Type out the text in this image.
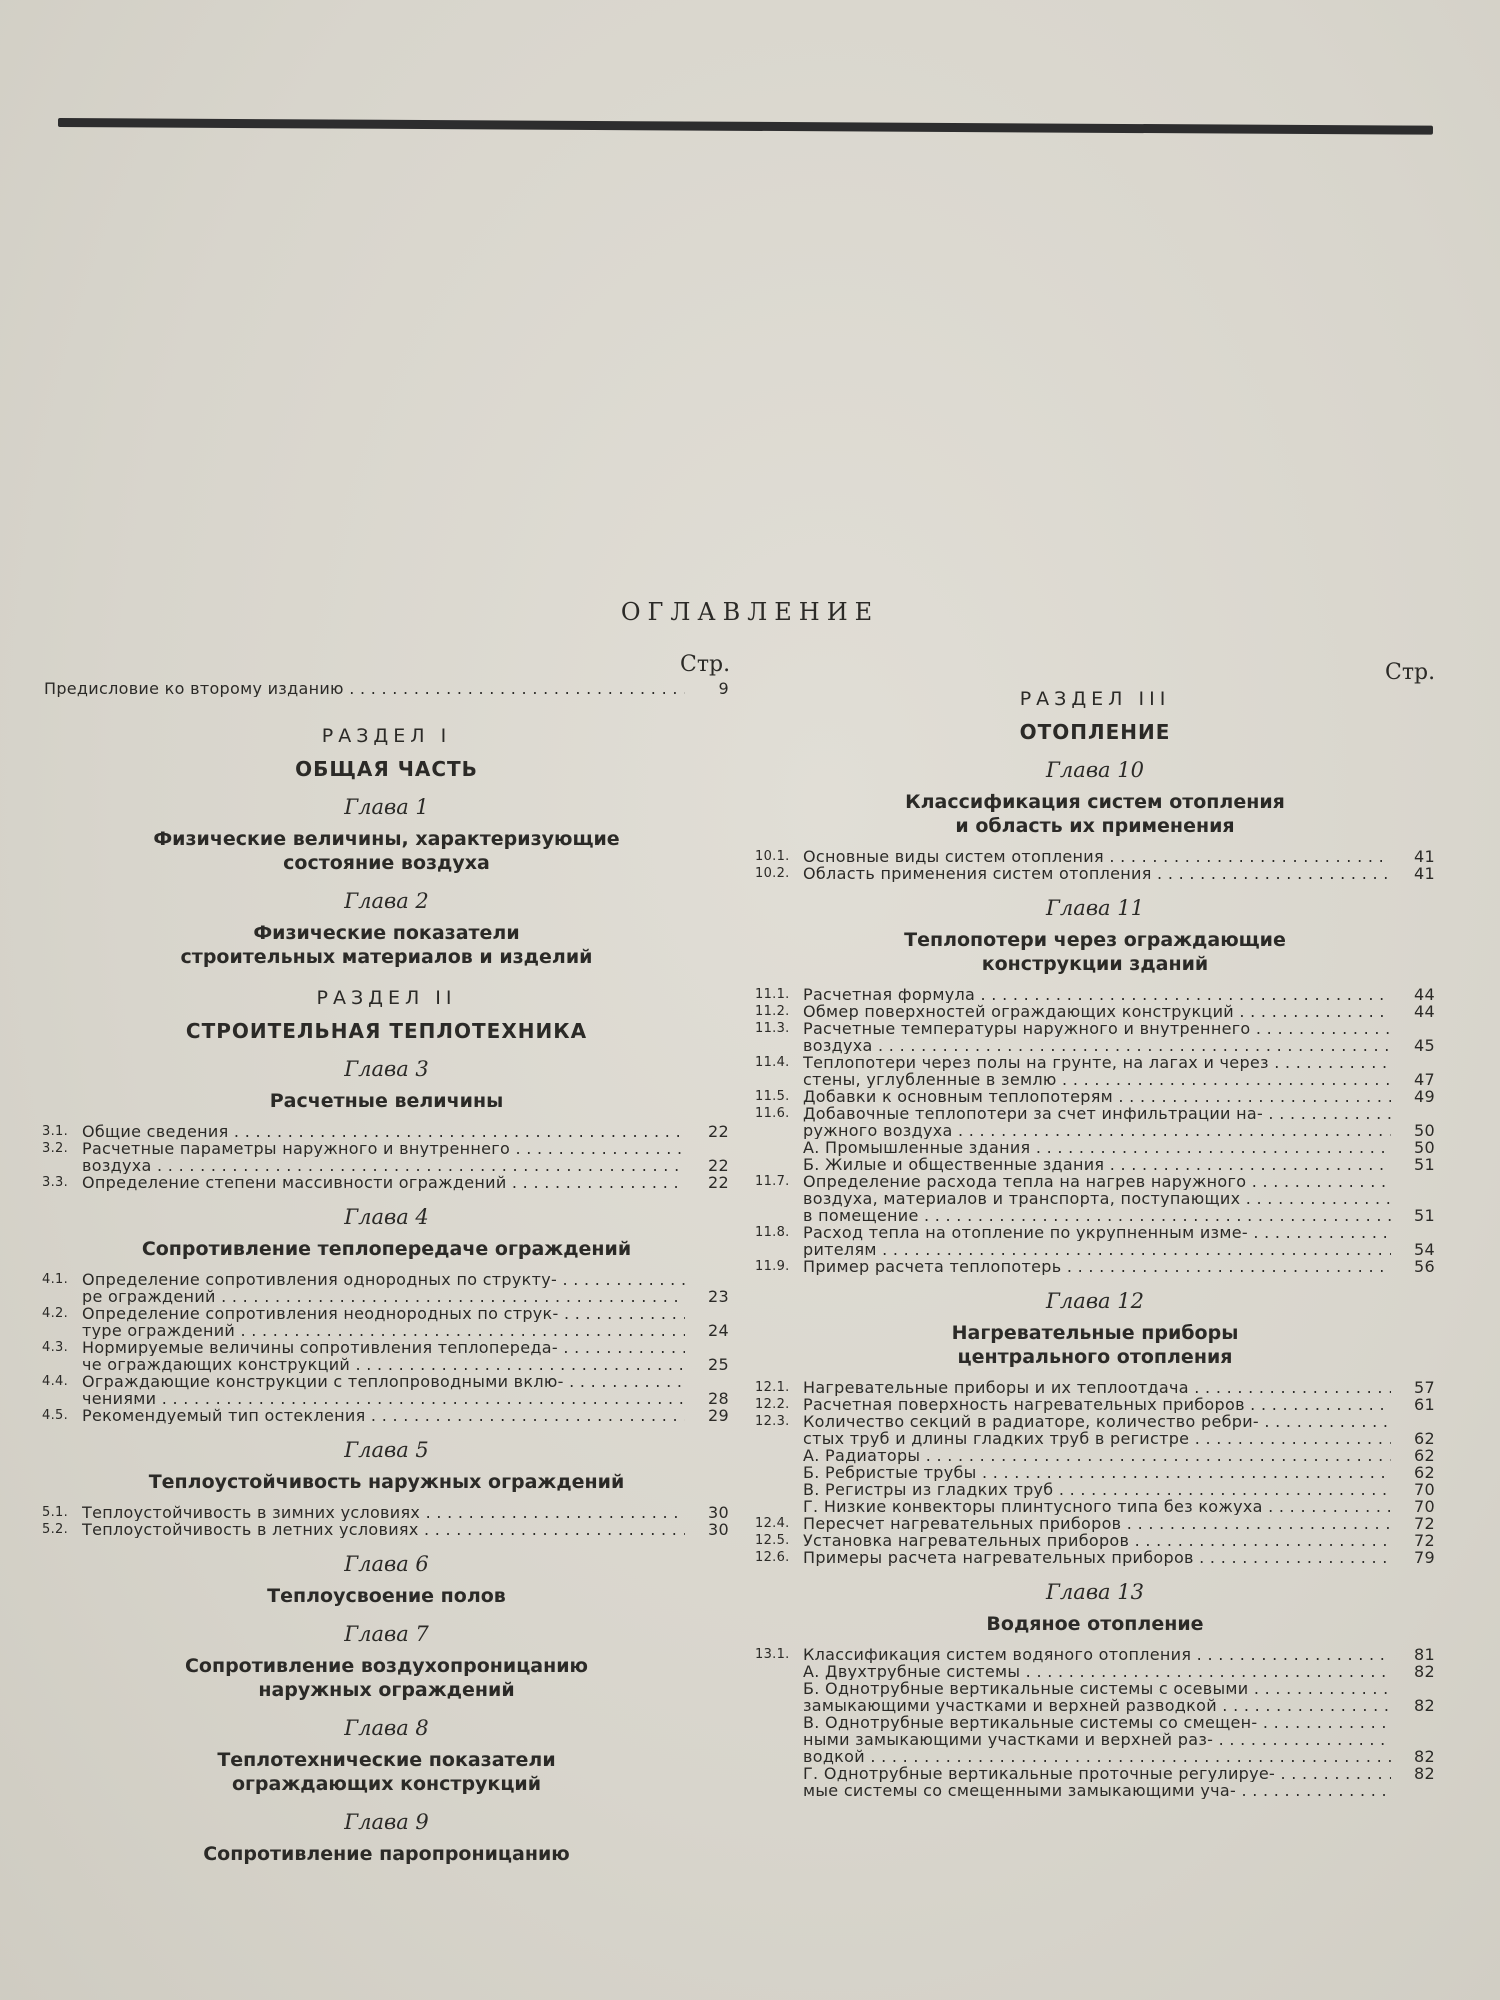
ОГЛАВЛЕНИЕ
Стр.	Стр.
Предисловие ко второму изданию . . .	9
РАЗДЕЛ I
ОБЩАЯ ЧАСТЬ
Глава 1
Физические величины, характеризующие
состояние воздуха
Глава 2
Физические показатели
строительных материалов и изделий
РАЗДЕЛ II
СТРОИТЕЛЬНАЯ ТЕПЛОТЕХНИКА
Глава 3
Расчетные величины
3.1. Общие сведения . . .	22
3.2. Расчетные параметры наружного и внутреннего . . .
воздуха . . .	22
3.3. Определение степени массивности ограждений . . .	22
Глава 4
Сопротивление теплопередаче ограждений
4.1. Определение сопротивления однородных по структу- . . .
ре ограждений . . .	23
4.2. Определение сопротивления неоднородных по струк- . . .
туре ограждений . . .	24
4.3. Нормируемые величины сопротивления теплопереда- . . .
че ограждающих конструкций . . .	25
4.4. Ограждающие конструкции с теплопроводными вклю- . . .
чениями . . .	28
4.5. Рекомендуемый тип остекления . . .	29
Глава 5
Теплоустойчивость наружных ограждений
5.1. Теплоустойчивость в зимних условиях . . .	30
5.2. Теплоустойчивость в летних условиях . . .	30
Глава 6
Теплоусвоение полов
Глава 7
Сопротивление воздухопроницанию
наружных ограждений
Глава 8
Теплотехнические показатели
ограждающих конструкций
Глава 9
Сопротивление паропроницанию
РАЗДЕЛ III
ОТОПЛЕНИЕ
Глава 10
Классификация систем отопления
и область их применения
10.1. Основные виды систем отопления . . .	41
10.2. Область применения систем отопления . . .	41
Глава 11
Теплопотери через ограждающие
конструкции зданий
11.1. Расчетная формула . . .	44
11.2. Обмер поверхностей ограждающих конструкций . . .	44
11.3. Расчетные температуры наружного и внутреннего . . .
воздуха . . .	45
11.4. Теплопотери через полы на грунте, на лагах и через . . .
стены, углубленные в землю . . .	47
11.5. Добавки к основным теплопотерям . . .	49
11.6. Добавочные теплопотери за счет инфильтрации на- . . .
ружного воздуха . . .	50
А. Промышленные здания . . .	50
Б. Жилые и общественные здания . . .	51
11.7. Определение расхода тепла на нагрев наружного . . .
воздуха, материалов и транспорта, поступающих . . .
в помещение . . .	51
11.8. Расход тепла на отопление по укрупненным изме- . . .
рителям . . .	54
11.9. Пример расчета теплопотерь . . .	56
Глава 12
Нагревательные приборы
центрального отопления
12.1. Нагревательные приборы и их теплоотдача . . .	57
12.2. Расчетная поверхность нагревательных приборов . . .	61
12.3. Количество секций в радиаторе, количество ребри- . . .
стых труб и длины гладких труб в регистре . . .	62
А. Радиаторы . . .	62
Б. Ребристые трубы . . .	62
В. Регистры из гладких труб . . .	70
Г. Низкие конвекторы плинтусного типа без кожуха . . .	70
12.4. Пересчет нагревательных приборов . . .	72
12.5. Установка нагревательных приборов . . .	72
12.6. Примеры расчета нагревательных приборов . . .	79
Глава 13
Водяное отопление
13.1. Классификация систем водяного отопления . . .	81
А. Двухтрубные системы . . .	82
Б. Однотрубные вертикальные системы с осевыми . . .
замыкающими участками и верхней разводкой . . .	82
В. Однотрубные вертикальные системы со смещен- . . .
ными замыкающими участками и верхней раз- . . .
водкой . . .	82
Г. Однотрубные вертикальные проточные регулируе- . . .	82
мые системы со смещенными замыкающими уча- . . .
